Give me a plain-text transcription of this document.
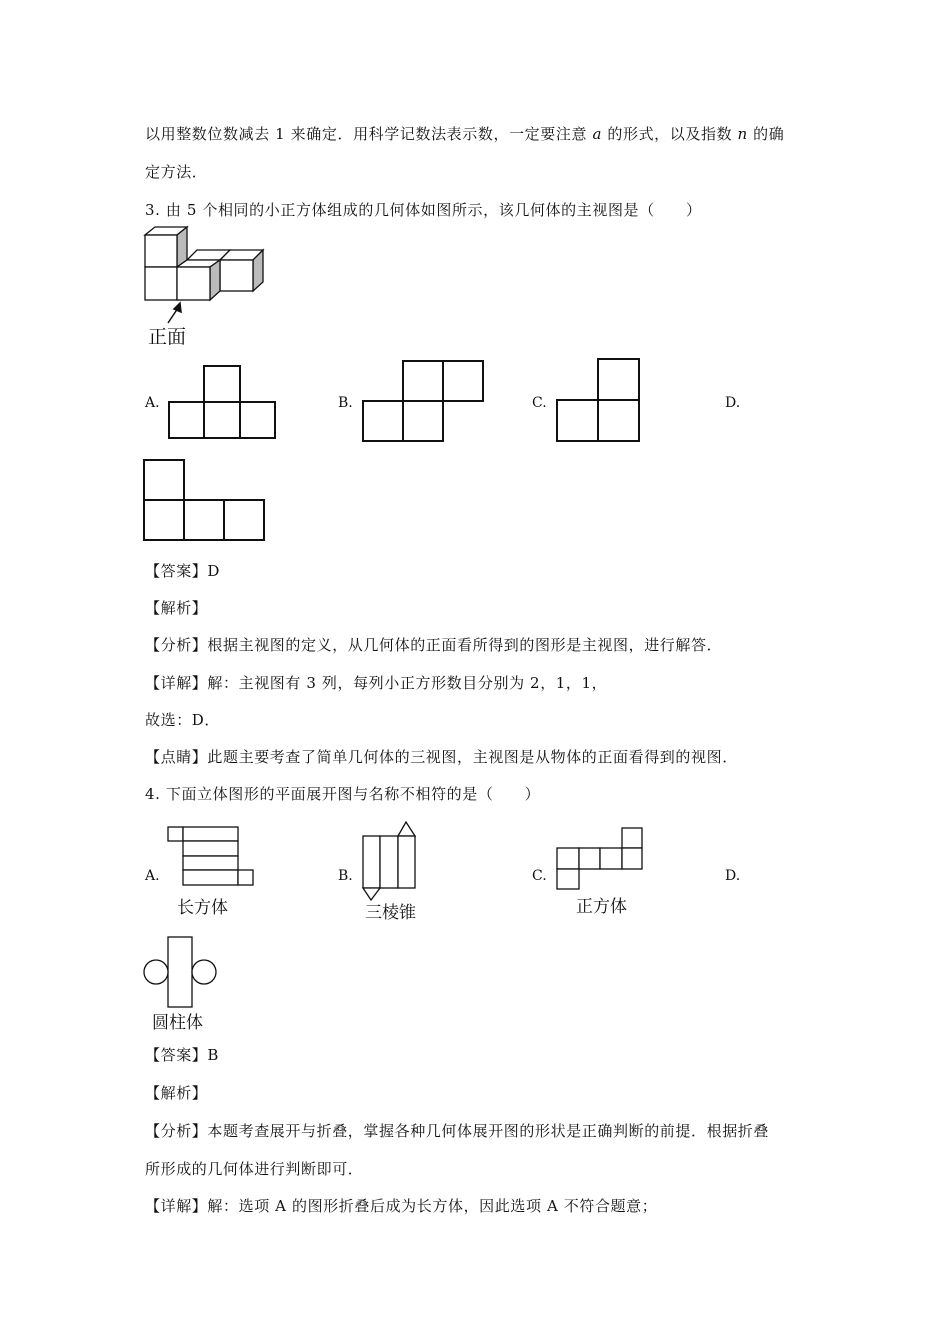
以用整数位数减去 1 来确定．用科学记数法表示数，一定要注意 a 的形式，以及指数 n 的确
定方法．
3. 由 5 个相同的小正方体组成的几何体如图所示，该几何体的主视图是（　　）
正面
A.	B.	C.	D.
【答案】D
【解析】
【分析】根据主视图的定义，从几何体的正面看所得到的图形是主视图，进行解答．
【详解】解：主视图有 3 列，每列小正方形数目分别为 2，1，1，
故选：D．
【点睛】此题主要考查了简单几何体的三视图，主视图是从物体的正面看得到的视图．
4. 下面立体图形的平面展开图与名称不相符的是（　　）
A.
长方体
B.
三棱锥
C.
正方体
D.
圆柱体
【答案】B
【解析】
【分析】本题考查展开与折叠，掌握各种几何体展开图的形状是正确判断的前提．根据折叠
所形成的几何体进行判断即可．
【详解】解：选项 A 的图形折叠后成为长方体，因此选项 A 不符合题意；
